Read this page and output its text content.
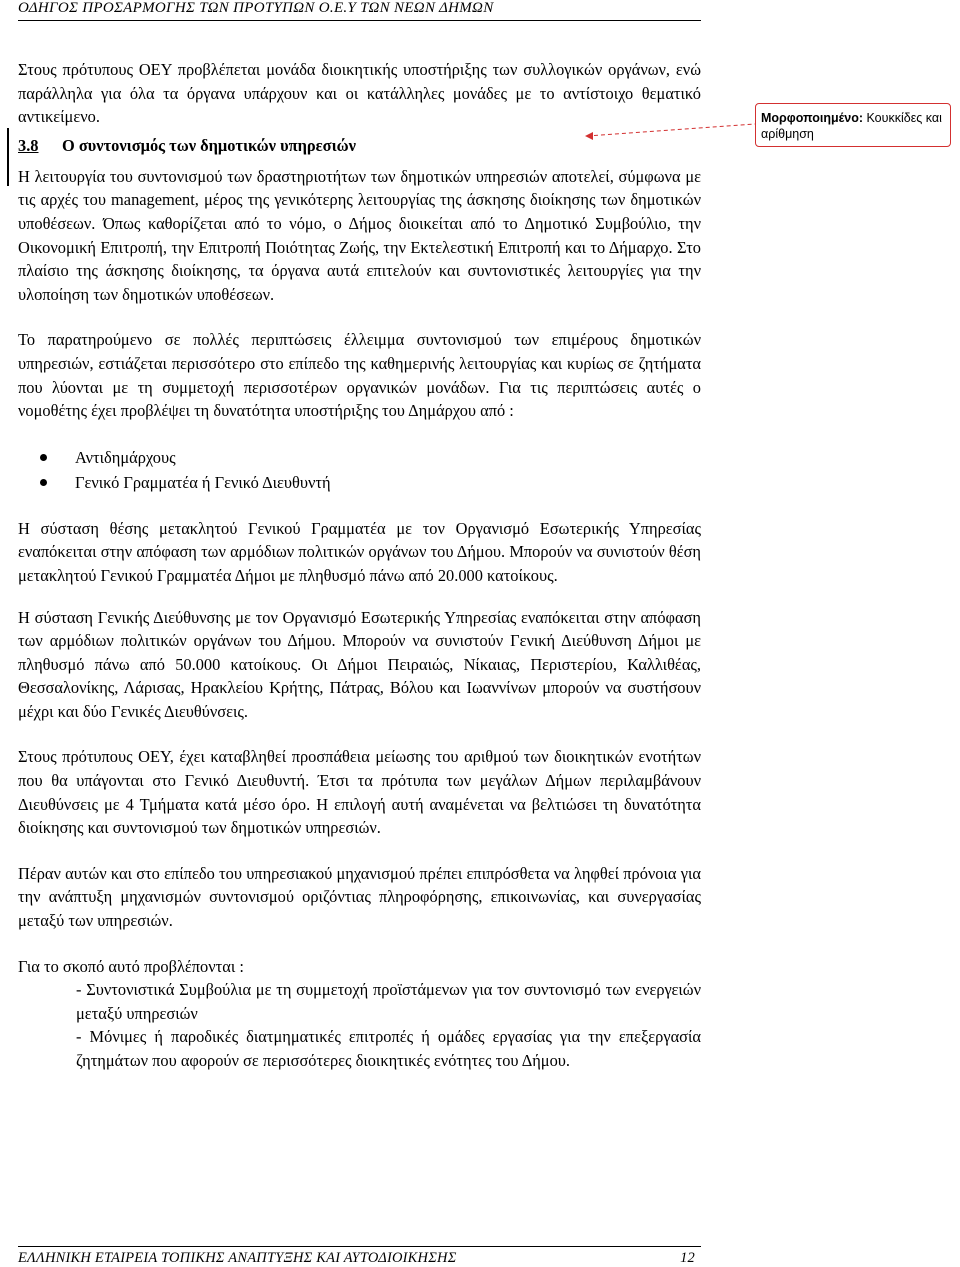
ΟΔΗΓΟΣ ΠΡΟΣΑΡΜΟΓΗΣ ΤΩΝ ΠΡΟΤΥΠΩΝ Ο.Ε.Υ ΤΩΝ ΝΕΩΝ ΔΗΜΩΝ
Μορφοποιημένο: Κουκκίδες και αρίθμηση

Στους πρότυπους ΟΕΥ προβλέπεται μονάδα διοικητικής υποστήριξης των συλλογικών οργάνων, ενώ παράλληλα για όλα τα όργανα υπάρχουν και οι κατάλληλες μονάδες με το αντίστοιχο θεματικό αντικείμενο.

3.8 Ο συντονισμός των δημοτικών υπηρεσιών

Η λειτουργία του συντονισμού των δραστηριοτήτων των δημοτικών υπηρεσιών αποτελεί, σύμφωνα με τις αρχές του management, μέρος της γενικότερης λειτουργίας της άσκησης διοίκησης των δημοτικών υποθέσεων. Όπως καθορίζεται από το νόμο, ο Δήμος διοικείται από το Δημοτικό Συμβούλιο, την Οικονομική Επιτροπή, την Επιτροπή Ποιότητας Ζωής, την Εκτελεστική Επιτροπή και το Δήμαρχο. Στο πλαίσιο της άσκησης διοίκησης, τα όργανα αυτά επιτελούν και συντονιστικές λειτουργίες για την υλοποίηση των δημοτικών υποθέσεων.

Το παρατηρούμενο σε πολλές περιπτώσεις έλλειμμα συντονισμού των επιμέρους δημοτικών υπηρεσιών, εστιάζεται περισσότερο στο επίπεδο της καθημερινής λειτουργίας και κυρίως σε ζητήματα που λύονται με τη συμμετοχή περισσοτέρων οργανικών μονάδων. Για τις περιπτώσεις αυτές ο νομοθέτης έχει προβλέψει τη δυνατότητα υποστήριξης του Δημάρχου από :

Αντιδημάρχους
Γενικό Γραμματέα ή Γενικό Διευθυντή

Η σύσταση θέσης μετακλητού Γενικού Γραμματέα με τον Οργανισμό Εσωτερικής Υπηρεσίας εναπόκειται στην απόφαση των αρμόδιων πολιτικών οργάνων του Δήμου. Μπορούν να συνιστούν θέση μετακλητού Γενικού Γραμματέα Δήμοι με πληθυσμό πάνω από 20.000 κατοίκους.

Η σύσταση Γενικής Διεύθυνσης με τον Οργανισμό Εσωτερικής Υπηρεσίας εναπόκειται στην απόφαση των αρμόδιων πολιτικών οργάνων του Δήμου. Μπορούν να συνιστούν Γενική Διεύθυνση Δήμοι με πληθυσμό πάνω από 50.000 κατοίκους. Οι Δήμοι Πειραιώς, Νίκαιας, Περιστερίου, Καλλιθέας, Θεσσαλονίκης, Λάρισας, Ηρακλείου Κρήτης, Πάτρας, Βόλου και Ιωαννίνων μπορούν να συστήσουν μέχρι και δύο Γενικές Διευθύνσεις.

Στους πρότυπους ΟΕΥ, έχει καταβληθεί προσπάθεια μείωσης του αριθμού των διοικητικών ενοτήτων που θα υπάγονται στο Γενικό Διευθυντή. Έτσι τα πρότυπα των μεγάλων Δήμων περιλαμβάνουν Διευθύνσεις με 4 Τμήματα κατά μέσο όρο. Η επιλογή αυτή αναμένεται να βελτιώσει τη δυνατότητα διοίκησης και συντονισμού των δημοτικών υπηρεσιών.

Πέραν αυτών και στο επίπεδο του υπηρεσιακού μηχανισμού πρέπει επιπρόσθετα να ληφθεί πρόνοια για την ανάπτυξη μηχανισμών συντονισμού οριζόντιας πληροφόρησης, επικοινωνίας, και συνεργασίας μεταξύ των υπηρεσιών.

Για το σκοπό αυτό προβλέπονται :

- Συντονιστικά Συμβούλια με τη συμμετοχή προϊστάμενων για τον συντονισμό των ενεργειών μεταξύ υπηρεσιών

- Μόνιμες ή παροδικές διατμηματικές επιτροπές ή ομάδες εργασίας για την επεξεργασία ζητημάτων που αφορούν σε περισσότερες διοικητικές ενότητες του Δήμου.

ΕΛΛΗΝΙΚΗ ΕΤΑΙΡΕΙΑ ΤΟΠΙΚΗΣ ΑΝΑΠΤΥΞΗΣ ΚΑΙ ΑΥΤΟΔΙΟΙΚΗΣΗΣ	12
